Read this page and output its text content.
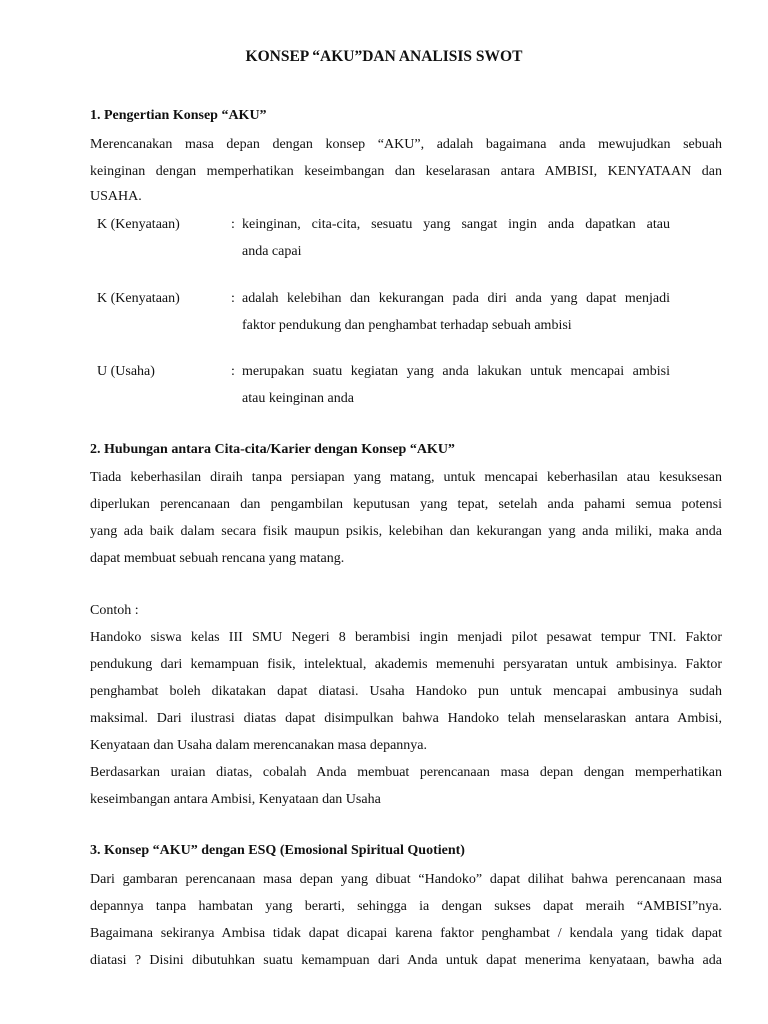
KONSEP “AKU”DAN ANALISIS SWOT
1. Pengertian Konsep “AKU”
Merencanakan masa depan dengan konsep “AKU”, adalah bagaimana anda mewujudkan sebuah
keinginan dengan memperhatikan keseimbangan dan keselarasan antara AMBISI, KENYATAAN dan
USAHA.
K (Kenyataan)	: keinginan, cita-cita, sesuatu yang sangat ingin anda dapatkan atau
anda capai
K (Kenyataan)	: adalah kelebihan dan kekurangan pada diri anda yang dapat menjadi
faktor pendukung dan penghambat terhadap sebuah ambisi
U (Usaha)	: merupakan suatu kegiatan yang anda lakukan untuk mencapai ambisi
atau keinginan anda
2. Hubungan antara Cita-cita/Karier dengan Konsep “AKU”
Tiada keberhasilan diraih tanpa persiapan yang matang, untuk mencapai keberhasilan atau kesuksesan
diperlukan perencanaan dan pengambilan keputusan yang tepat, setelah anda pahami semua potensi
yang ada baik dalam secara fisik maupun psikis, kelebihan dan kekurangan yang anda miliki, maka anda
dapat membuat sebuah rencana yang matang.
Contoh :
Handoko siswa kelas III SMU Negeri 8 berambisi ingin menjadi pilot pesawat tempur TNI. Faktor
pendukung dari kemampuan fisik, intelektual, akademis memenuhi persyaratan untuk ambisinya. Faktor
penghambat boleh dikatakan dapat diatasi. Usaha Handoko pun untuk mencapai ambusinya sudah
maksimal. Dari ilustrasi diatas dapat disimpulkan bahwa Handoko telah menselaraskan antara Ambisi,
Kenyataan dan Usaha dalam merencanakan masa depannya.
Berdasarkan uraian diatas, cobalah Anda membuat perencanaan masa depan dengan memperhatikan
keseimbangan antara Ambisi, Kenyataan dan Usaha
3. Konsep “AKU” dengan ESQ (Emosional Spiritual Quotient)
Dari gambaran perencanaan masa depan yang dibuat “Handoko” dapat dilihat bahwa perencanaan masa
depannya tanpa hambatan yang berarti, sehingga ia dengan sukses dapat meraih “AMBISI”nya.
Bagaimana sekiranya Ambisa tidak dapat dicapai karena faktor penghambat / kendala yang tidak dapat
diatasi ? Disini dibutuhkan suatu kemampuan dari Anda untuk dapat menerima kenyataan, bawha ada
